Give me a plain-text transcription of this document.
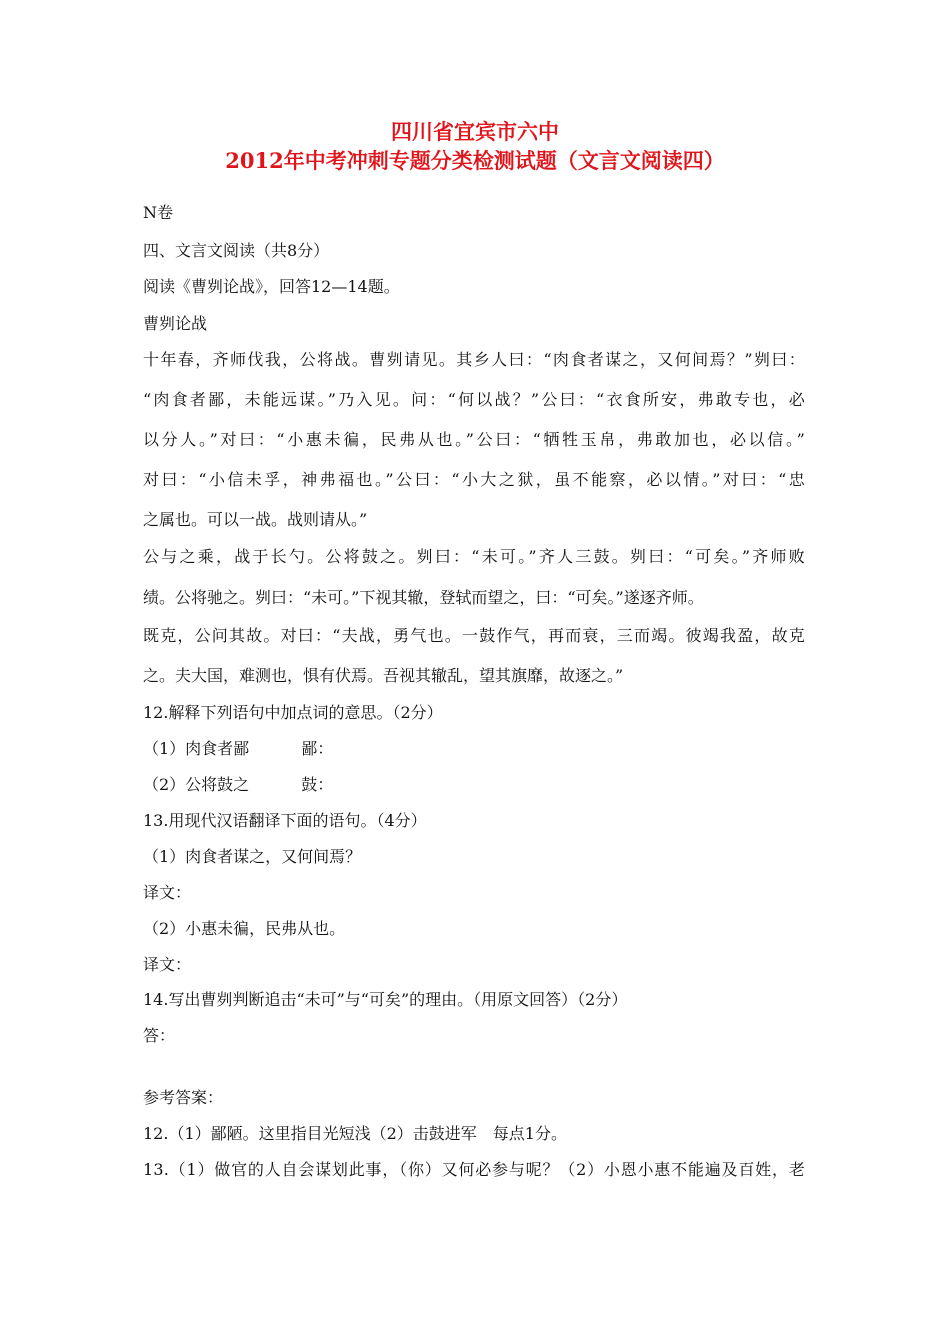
四川省宜宾市六中
2012年中考冲刺专题分类检测试题（文言文阅读四）
N卷
四、文言文阅读（共8分）
阅读《曹刿论战》，回答12—14题。
曹刿论战
十年春，齐师伐我，公将战。曹刿请见。其乡人曰：“肉食者谋之，又何间焉？”刿曰：
“肉食者鄙，未能远谋。”乃入见。问：“何以战？”公曰：“衣食所安，弗敢专也，必
以分人。”对曰：“小惠未徧，民弗从也。”公曰：“牺牲玉帛，弗敢加也，必以信。”
对曰：“小信未孚，神弗福也。”公曰：“小大之狱，虽不能察，必以情。”对曰：“忠
之属也。可以一战。战则请从。”
公与之乘，战于长勺。公将鼓之。刿曰：“未可。”齐人三鼓。刿曰：“可矣。”齐师败
绩。公将驰之。刿曰：“未可。”下视其辙，登轼而望之，曰：“可矣。”遂逐齐师。
既克，公问其故。对曰：“夫战，勇气也。一鼓作气，再而衰，三而竭。彼竭我盈，故克
之。夫大国，难测也，惧有伏焉。吾视其辙乱，望其旗靡，故逐之。”
12.解释下列语句中加点词的意思。（2分）
（1）肉食者鄙	鄙：
（2）公将鼓之	鼓：
13.用现代汉语翻译下面的语句。（4分）
（1）肉食者谋之，又何间焉？
译文：
（2）小惠未徧，民弗从也。
译文：
14.写出曹刿判断追击“未可”与“可矣”的理由。（用原文回答）（2分）
答：
参考答案：
12.（1）鄙陋。这里指目光短浅（2）击鼓进军　每点1分。
13.（1）做官的人自会谋划此事，（你）又何必参与呢？（2）小恩小惠不能遍及百姓，老
